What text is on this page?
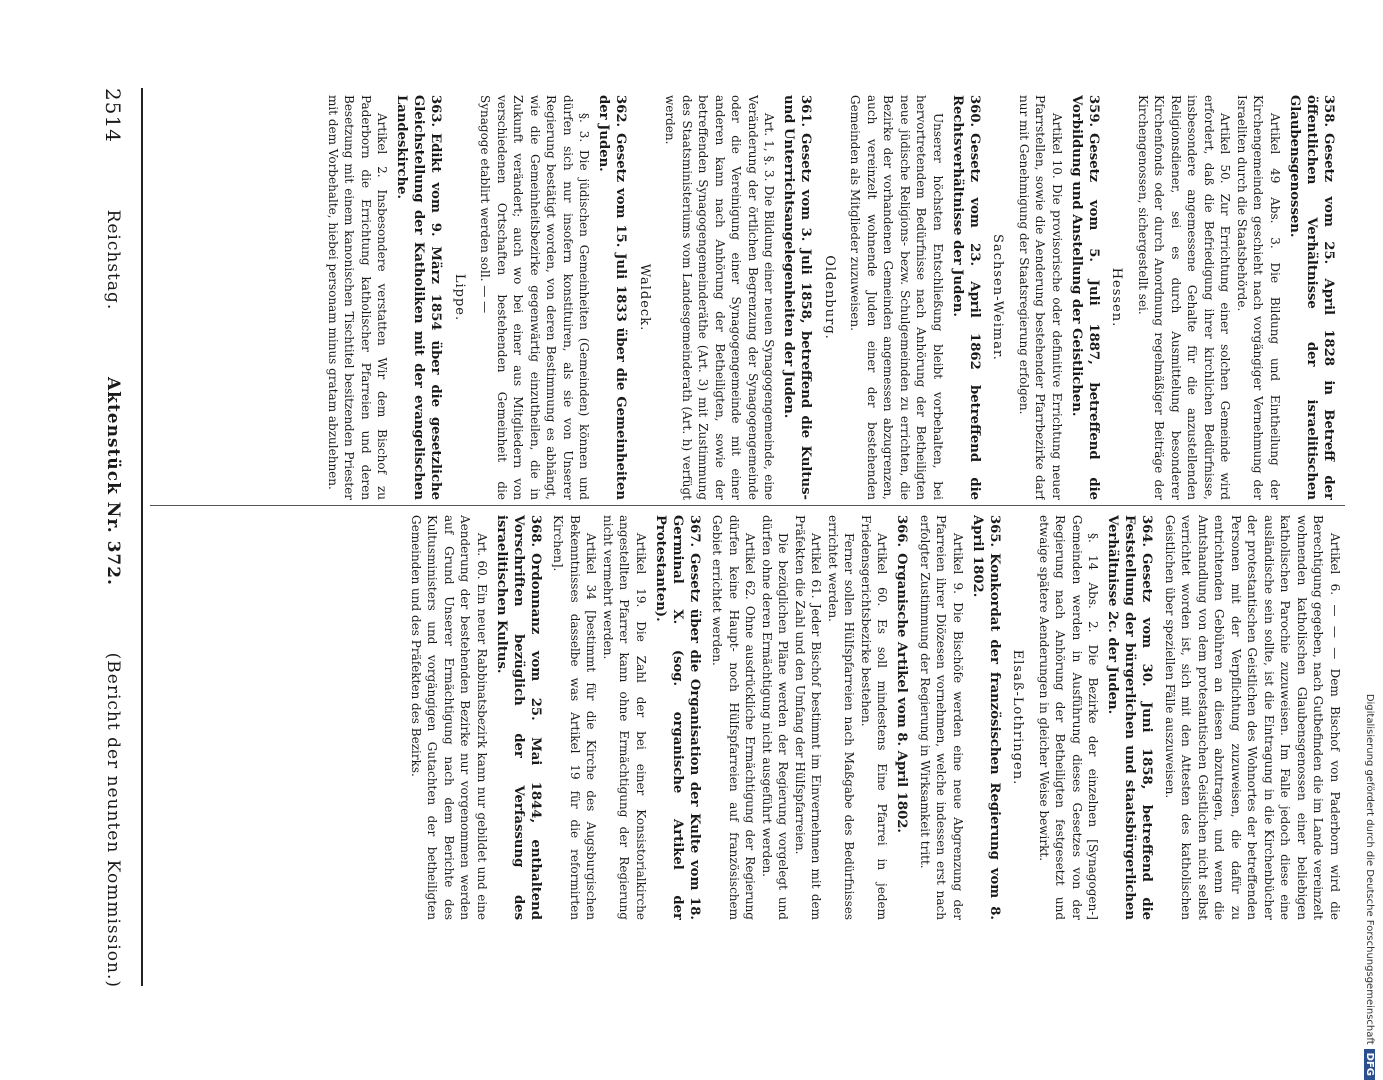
Digitalisierung gefördert durch die Deutsche ForschungsgemeinschaftDFG
358.Gesetz vom 25. April 1828 in Betreff der öffentlichen Verhältnisse der israelitischen Glaubensgenossen.

Artikel 49 Abs. 3. Die Bildung und Eintheilung der Kirchengemeinden geschieht nach vorgängiger Vernehmung der Israeliten durch die Staatsbehörde.

Artikel 50. Zur Errichtung einer solchen Gemeinde wird erfordert, daß die Befriedigung ihrer kirchlichen Bedürfnisse, insbesondere angemessene Gehalte für die anzustellenden Religionsdiener, sei es durch Ausmittelung besonderer Kirchenfonds oder durch Anordnung regelmäßiger Beiträge der Kirchengenossen, sichergestellt sei.

Hessen.
359.Gesetz vom 5. Juli 1887, betreffend die Vorbildung und Anstellung der Geistlichen.

Artikel 10. Die provisorische oder definitive Errichtung neuer Pfarrstellen, sowie die Aenderung bestehender Pfarrbezirke darf nur mit Genehmigung der Staatsregierung erfolgen.

Sachsen-Weimar.
360.Gesetz vom 23. April 1862 betreffend die Rechtsverhältnisse der Juden.

Unserer höchsten Entschließung bleibt vorbehalten, bei hervortretendem Bedürfnisse nach Anhörung der Betheiligten neue jüdische Religions- bezw. Schulgemeinden zu errichten, die Bezirke der vorhandenen Gemeinden angemessen abzugrenzen, auch vereinzelt wohnende Juden einer der bestehenden Gemeinden als Mitglieder zuzuweisen.

Oldenburg.
361.Gesetz vom 3. Juli 1858, betreffend die Kultus- und Unterrichtsangelegenheiten der Juden.

Art. 1, §. 3. Die Bildung einer neuen Synagogengemeinde, eine Veränderung der örtlichen Begrenzung der Synagogengemeinde oder die Vereinigung einer Synagogengemeinde mit einer anderen kann nach Anhörung der Betheiligten, sowie der betreffenden Synagogengemeinderäthe (Art. 3) mit Zustimmung des Staatsministeriums vom Landesgemeinderath (Art. h) verfügt werden.

Waldeck.
362.Gesetz vom 15. Juli 1833 über die Gemeinheiten der Juden.

§. 3. Die jüdischen Gemeinheiten (Gemeinden) können und dürfen sich nur insofern konstituiren, als sie von Unserer Regierung bestätigt worden, von deren Bestimmung es abhängt, wie die Gemeinheitsbezirke gegenwärtig einzutheilen, die in Zukunft verändert; auch wo bei einer aus Mitgliedern von verschiedenen Ortschaften bestehenden Gemeinheit die Synagoge etablirt werden soll. — —

Lippe.
363.Edikt vom 9. März 1854 über die gesetzliche Gleichstellung der Katholiken mit der evangelischen Landeskirche.

Artikel 2. Insbesondere verstatten Wir dem Bischof zu Paderborn die Errichtung katholischer Pfarreien und deren Besetzung mit einem kanonischen Tischtitel besitzenden Priester mit dem Vorbehalte, hiebei personam minus gratam abzulehnen.

Artikel 6. — — — Dem Bischof von Paderborn wird die Berechtigung gegeben, nach Gutbefinden die im Lande vereinzelt wohnenden katholischen Glaubensgenossen einer beliebigen katholischen Parochie zuzuweisen. Im Falle jedoch diese eine ausländische sein sollte, ist die Eintragung in die Kirchenbücher der protestantischen Geistlichen des Wohnortes der betreffenden Personen mit der Verpflichtung zuzuweisen, die dafür zu entrichtenden Gebühren an diesen abzutragen, und wenn die Amtshandlung von dem protestantischen Geistlichen nicht selbst verrichtet worden ist, sich mit den Attesten des katholischen Geistlichen über speziellen Fälle auszuweisen.

364.Gesetz vom 30. Juni 1858, betreffend die Feststellung der bürgerlichen und staatsbürgerlichen Verhältnisse 2c. der Juden.

§. 14 Abs. 2. Die Bezirke der einzelnen [Synagogen-] Gemeinden werden in Ausführung dieses Gesetzes von der Regierung nach Anhörung der Betheiligten festgesetzt und etwaige spätere Aenderungen in gleicher Weise bewirkt.

Elsaß-Lothringen.
365.Konkordat der französischen Regierung vom 8. April 1802.

Artikel 9. Die Bischöfe werden eine neue Abgrenzung der Pfarreien ihrer Diözesen vornehmen, welche indessen erst nach erfolgter Zustimmung der Regierung in Wirksamkeit tritt.

366.Organische Artikel vom 8. April 1802.

Artikel 60. Es soll mindestens Eine Pfarrei in jedem Friedensgerichtsbezirke bestehen.

Ferner sollen Hülfspfarreien nach Maßgabe des Bedürfnisses errichtet werden.

Artikel 61. Jeder Bischof bestimmt im Einvernehmen mit dem Präfekten die Zahl und den Umfang der Hülfspfarreien.

Die bezüglichen Pläne werden der Regierung vorgelegt und dürfen ohne deren Ermächtigung nicht ausgeführt werden.

Artikel 62. Ohne ausdrückliche Ermächtigung der Regierung dürfen keine Haupt- noch Hülfspfarreien auf französischem Gebiet errichtet werden.

367.Gesetz über die Organisation der Kulte vom 18. Germinal X. (sog. organische Artikel der Protestanten).

Artikel 19. Die Zahl der bei einer Konsistorialkirche angestellten Pfarrer kann ohne Ermächtigung der Regierung nicht vermehrt werden.

Artikel 34 [bestimmt für die Kirche des Augsburgischen Bekenntnisses dasselbe was Artikel 19 für die reformirten Kirchen].

368.Ordonnanz vom 25. Mai 1844, enthaltend Vorschriften bezüglich der Verfassung des israelitischen Kultus.

Art. 60. Ein neuer Rabbinatsbezirk kann nur gebildet und eine Aenderung der bestehenden Bezirke nur vorgenommen werden auf Grund Unserer Ermächtigung nach dem Berichte des Kultusministers und vorgängigen Gutachten der betheiligten Gemeinden und des Präfekten des Bezirks.

2514
Reichstag.
Aktenstück Nr. 372.
(Bericht der neunten Kommission.)
